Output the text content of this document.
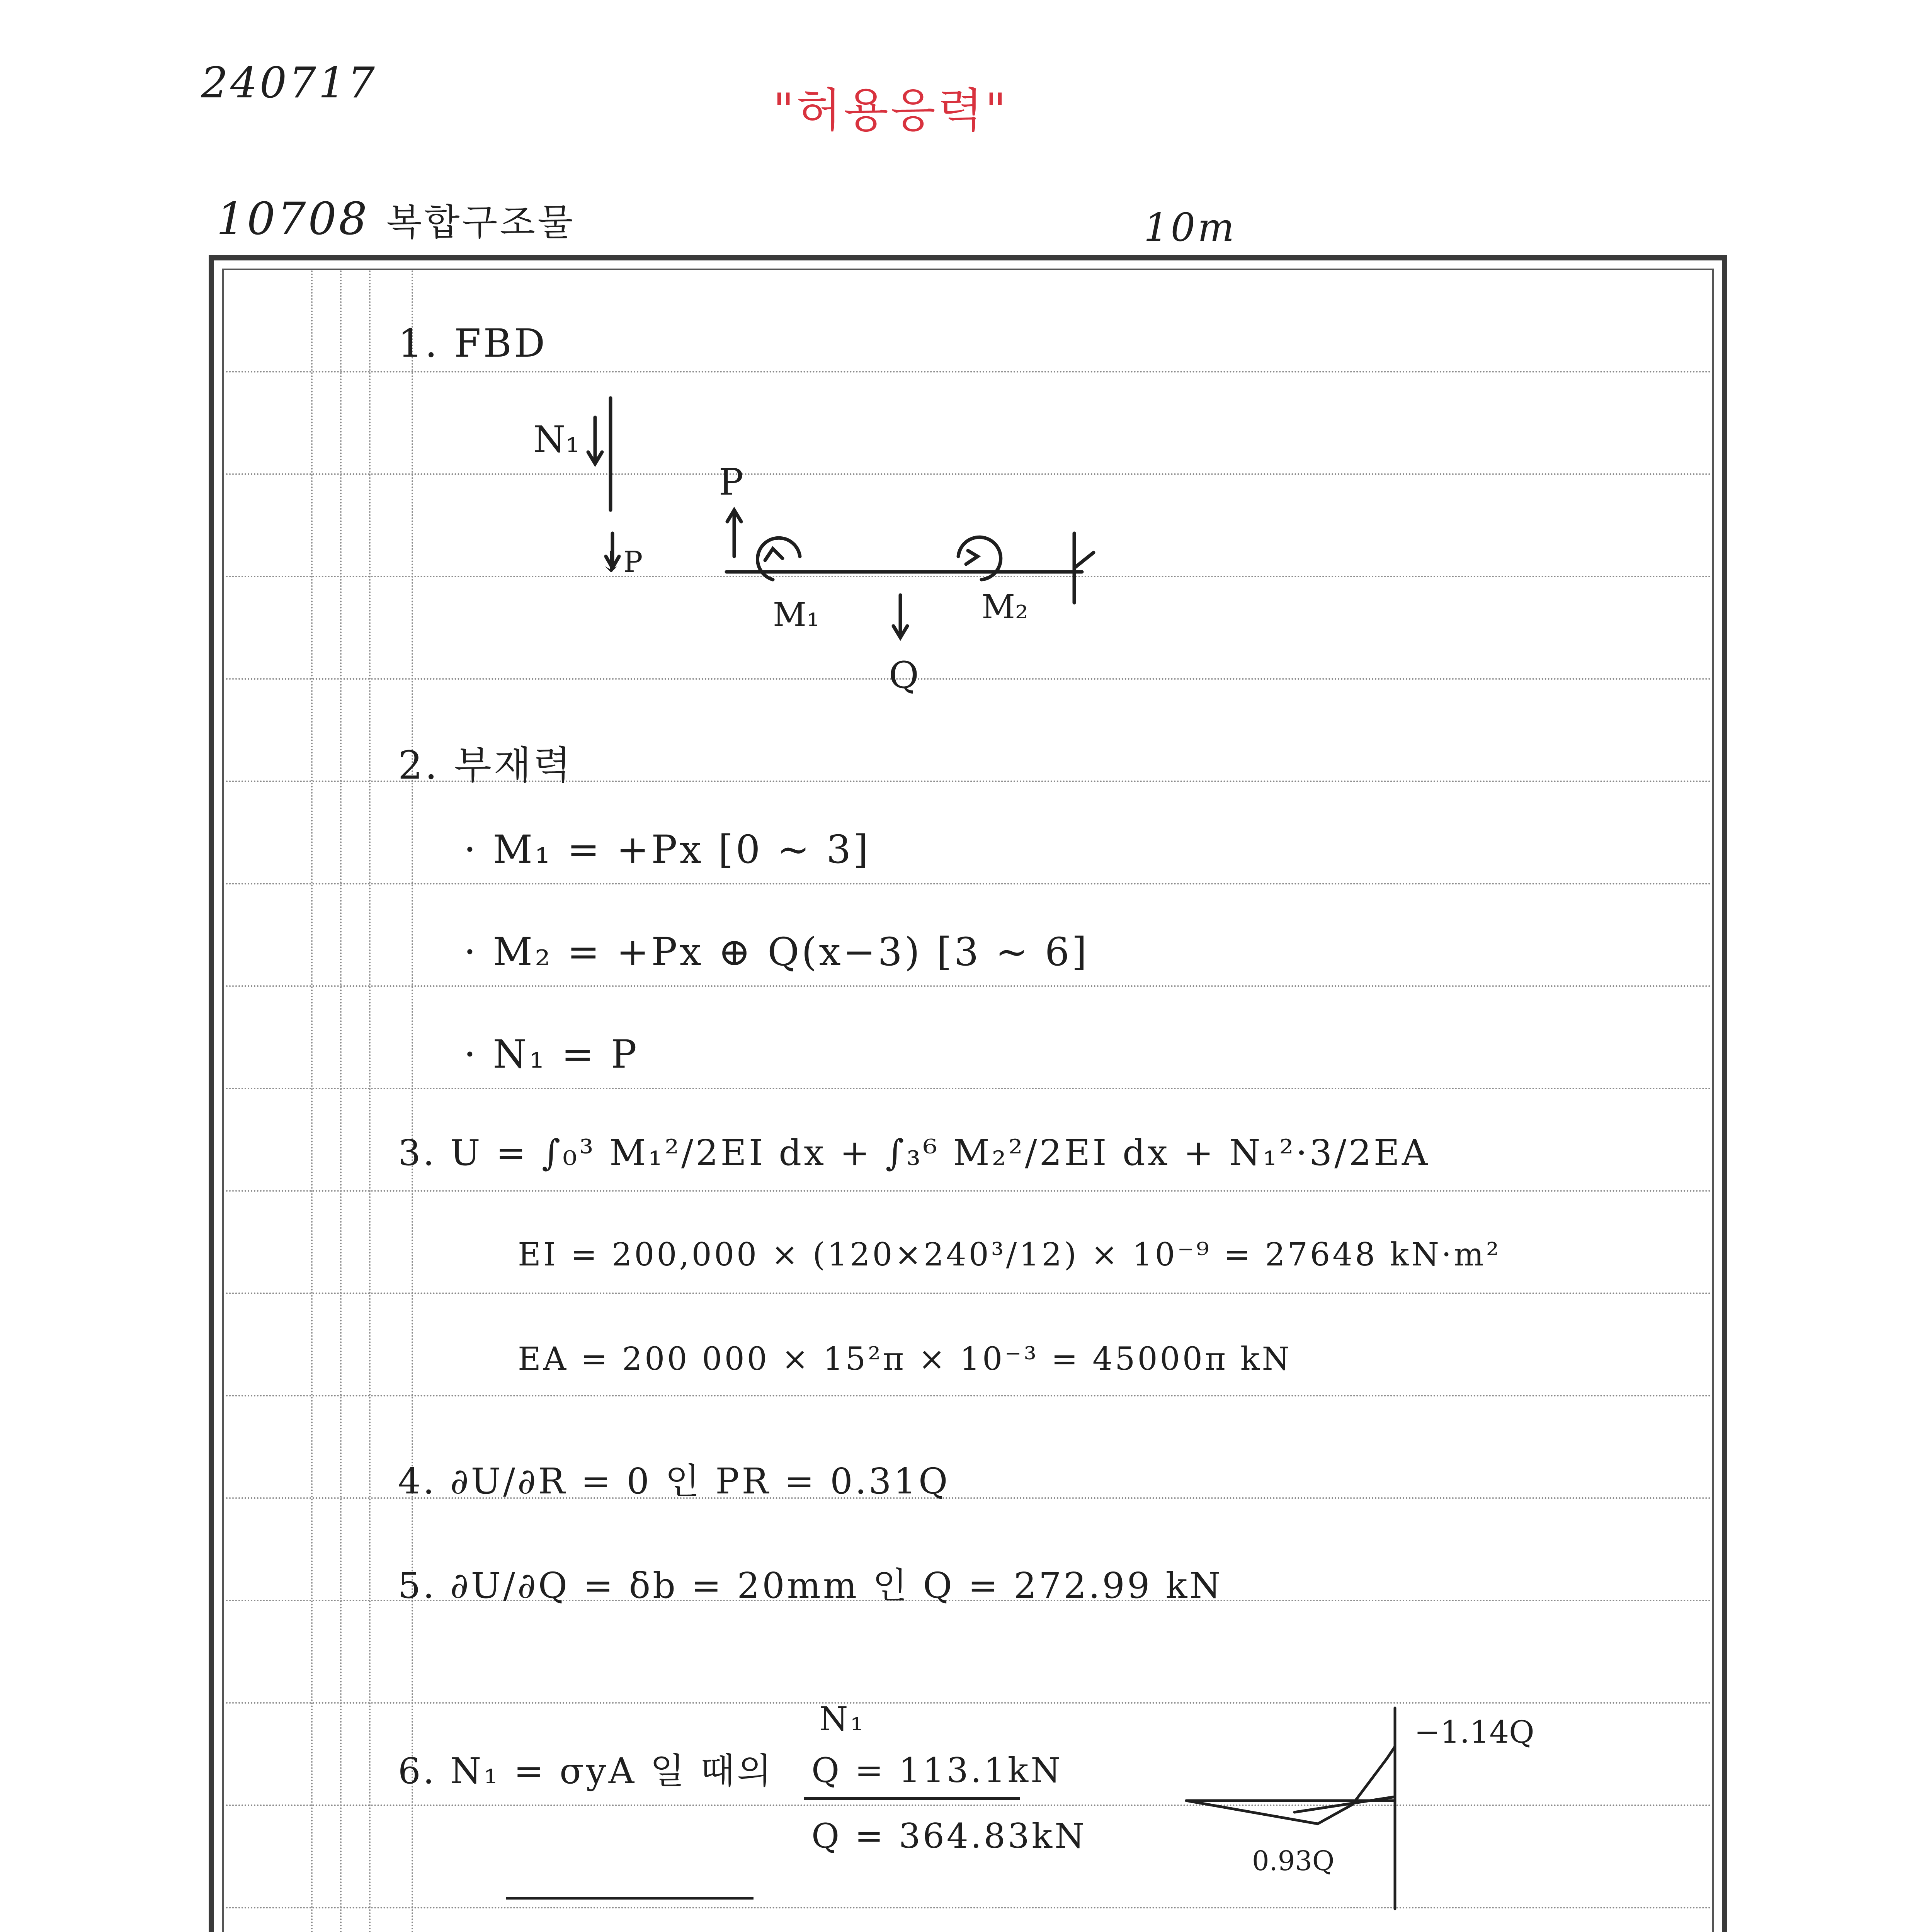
240717
"허용응력"
10708 복합구조물	10m
1. FBD
N₁
P
↓P
M₁	M₂
Q
2. 부재력
· M₁ = +Px [0 ~ 3]
· M₂ = +Px ⊕ Q(x−3) [3 ~ 6]
· N₁ = P
3. U = ∫₀³ M₁²/2EI dx + ∫₃⁶ M₂²/2EI dx + N₁²·3/2EA
EI = 200,000 × (120×240³/12) × 10⁻⁹ = 27648 kN·m²
EA = 200 000 × 15²π × 10⁻³ = 45000π kN
4. ∂U/∂R = 0 인 PR = 0.31Q
5. ∂U/∂Q = δb = 20mm 인 Q = 272.99 kN
6. N₁ = σyA 일 때의
N₁
Q = 113.1kN
Q = 364.83kN
−1.14Q
0.93Q
